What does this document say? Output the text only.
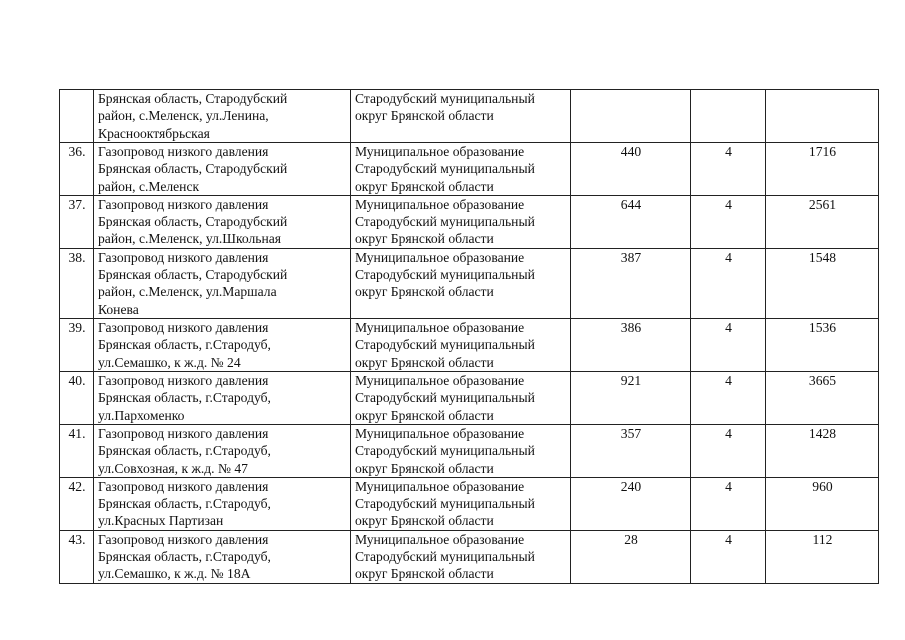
	Брянская область, Стародубский
район, с.Меленск, ул.Ленина,
Краснооктябрьская	Стародубский муниципальный
округ Брянской области			
36.	Газопровод низкого давления
Брянская область, Стародубский
район, с.Меленск	Муниципальное образование
Стародубский муниципальный
округ Брянской области	440	4	1716
37.	Газопровод низкого давления
Брянская область, Стародубский
район, с.Меленск, ул.Школьная	Муниципальное образование
Стародубский муниципальный
округ Брянской области	644	4	2561
38.	Газопровод низкого давления
Брянская область, Стародубский
район, с.Меленск, ул.Маршала
Конева	Муниципальное образование
Стародубский муниципальный
округ Брянской области	387	4	1548
39.	Газопровод низкого давления
Брянская область, г.Стародуб,
ул.Семашко, к ж.д. № 24	Муниципальное образование
Стародубский муниципальный
округ Брянской области	386	4	1536
40.	Газопровод низкого давления
Брянская область, г.Стародуб,
ул.Пархоменко	Муниципальное образование
Стародубский муниципальный
округ Брянской области	921	4	3665
41.	Газопровод низкого давления
Брянская область, г.Стародуб,
ул.Совхозная, к ж.д. № 47	Муниципальное образование
Стародубский муниципальный
округ Брянской области	357	4	1428
42.	Газопровод низкого давления
Брянская область, г.Стародуб,
ул.Красных Партизан	Муниципальное образование
Стародубский муниципальный
округ Брянской области	240	4	960
43.	Газопровод низкого давления
Брянская область, г.Стародуб,
ул.Семашко, к ж.д. № 18А	Муниципальное образование
Стародубский муниципальный
округ Брянской области	28	4	112
